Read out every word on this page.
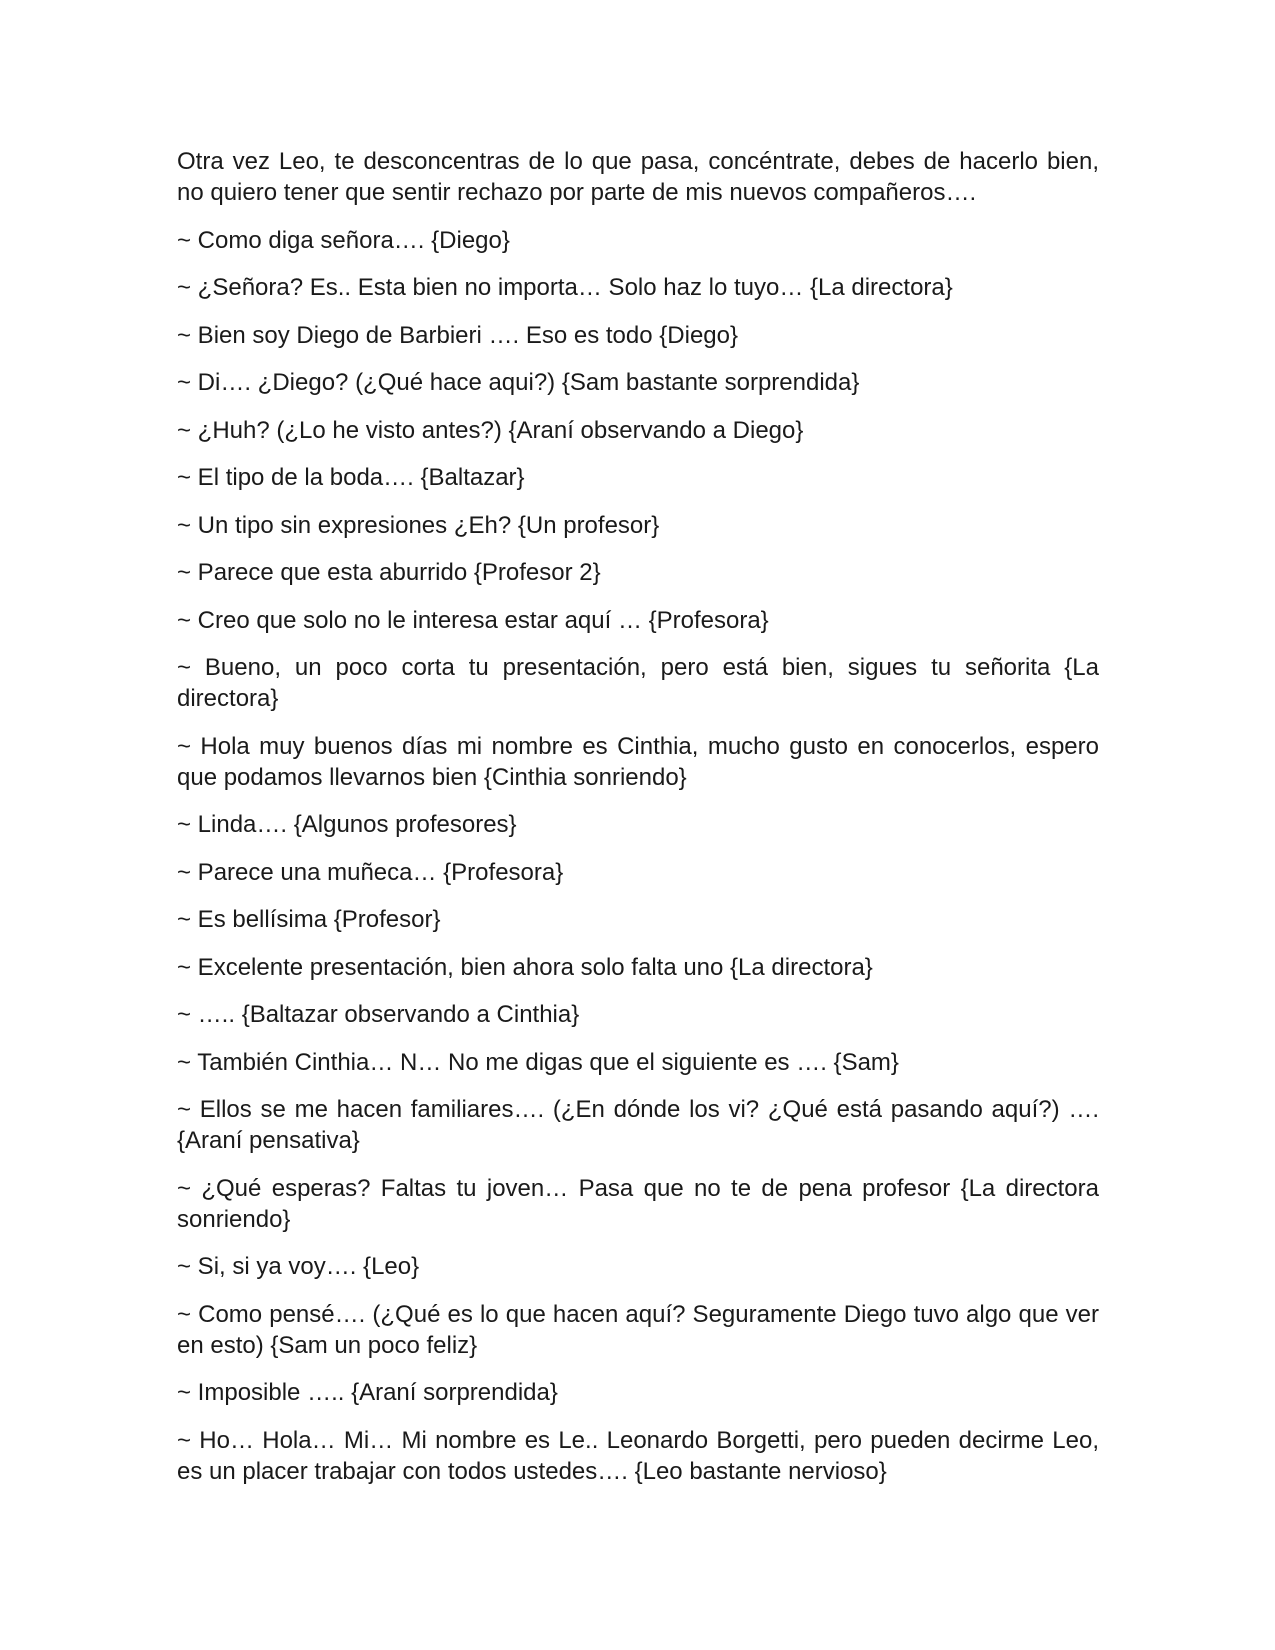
Otra vez Leo, te desconcentras de lo que pasa, concéntrate, debes de hacerlo bien, no quiero tener que sentir rechazo por parte de mis nuevos compañeros….

~ Como diga señora…. {Diego}

~ ¿Señora? Es.. Esta bien no importa… Solo haz lo tuyo… {La directora}

~ Bien soy Diego de Barbieri …. Eso es todo {Diego}

~ Di…. ¿Diego? (¿Qué hace aqui?) {Sam bastante sorprendida}

~ ¿Huh? (¿Lo he visto antes?) {Araní observando a Diego}

~ El tipo de la boda…. {Baltazar}

~ Un tipo sin expresiones ¿Eh? {Un profesor}

~ Parece que esta aburrido {Profesor 2}

~ Creo que solo no le interesa estar aquí … {Profesora}

~ Bueno, un poco corta tu presentación, pero está bien, sigues tu señorita {La directora}

~ Hola muy buenos días mi nombre es Cinthia, mucho gusto en conocerlos, espero que podamos llevarnos bien {Cinthia sonriendo}

~ Linda…. {Algunos profesores}

~ Parece una muñeca… {Profesora}

~ Es bellísima {Profesor}

~ Excelente presentación, bien ahora solo falta uno {La directora}

~ ….. {Baltazar observando a Cinthia}

~ También Cinthia… N… No me digas que el siguiente es …. {Sam}

~ Ellos se me hacen familiares…. (¿En dónde los vi? ¿Qué está pasando aquí?) …. {Araní pensativa}

~ ¿Qué esperas? Faltas tu joven… Pasa que no te de pena profesor {La directora sonriendo}

~ Si, si ya voy…. {Leo}

~ Como pensé…. (¿Qué es lo que hacen aquí? Seguramente Diego tuvo algo que ver en esto) {Sam un poco feliz}

~ Imposible ….. {Araní sorprendida}

~ Ho… Hola… Mi… Mi nombre es Le.. Leonardo Borgetti, pero pueden decirme Leo, es un placer trabajar con todos ustedes…. {Leo bastante nervioso}
